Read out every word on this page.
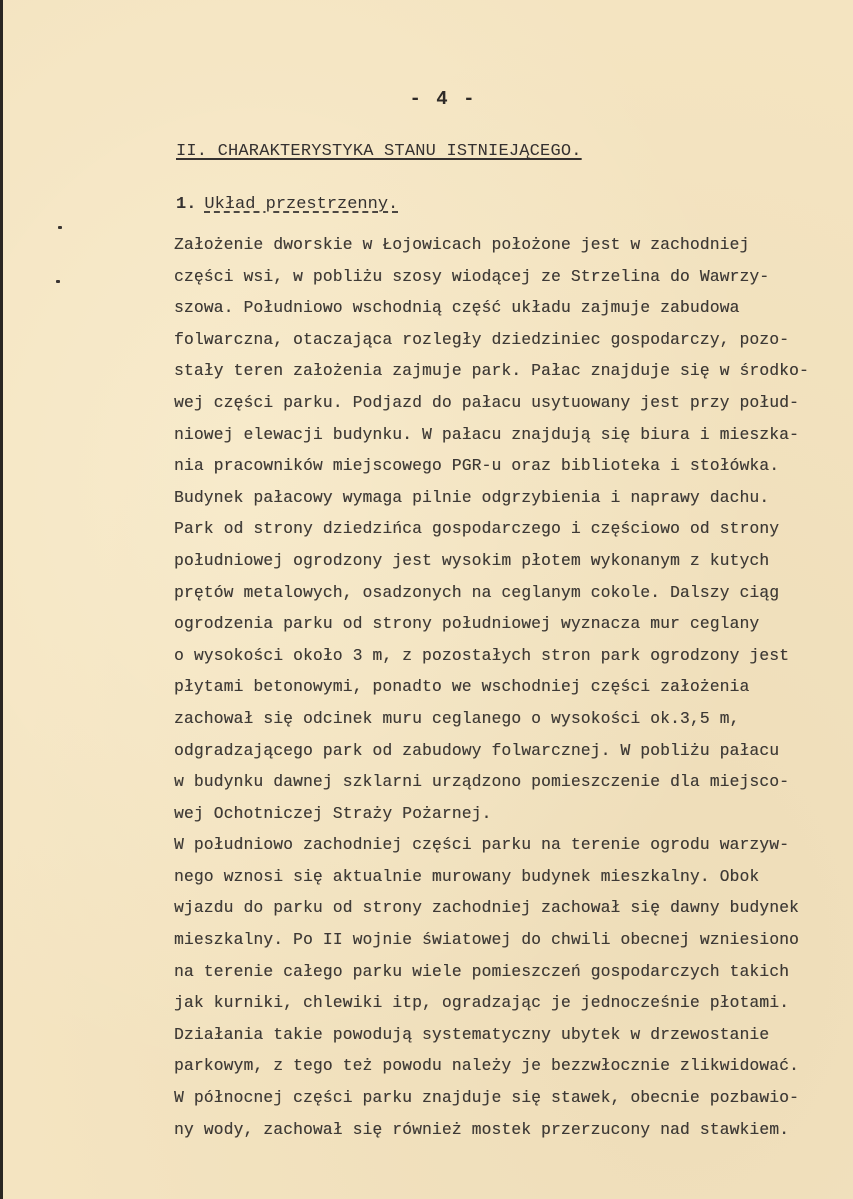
- 4 -
II. CHARAKTERYSTYKA STANU ISTNIEJĄCEGO.
1. Układ przestrzenny.
Założenie dworskie w Łojowicach położone jest w zachodniej
części wsi, w pobliżu szosy wiodącej ze Strzelina do Wawrzy-
szowa. Południowo wschodnią część układu zajmuje zabudowa
folwarczna, otaczająca rozległy dziedziniec gospodarczy, pozo-
stały teren założenia zajmuje park. Pałac znajduje się w środko-
wej części parku. Podjazd do pałacu usytuowany jest przy połud-
niowej elewacji budynku. W pałacu znajdują się biura i mieszka-
nia pracowników miejscowego PGR-u oraz biblioteka i stołówka.
Budynek pałacowy wymaga pilnie odgrzybienia i naprawy dachu.
Park od strony dziedzińca gospodarczego i częściowo od strony
południowej ogrodzony jest wysokim płotem wykonanym z kutych
prętów metalowych, osadzonych na ceglanym cokole. Dalszy ciąg
ogrodzenia parku od strony południowej wyznacza mur ceglany
o wysokości około 3 m, z pozostałych stron park ogrodzony jest
płytami betonowymi, ponadto we wschodniej części założenia
zachował się odcinek muru ceglanego o wysokości ok.3,5 m,
odgradzającego park od zabudowy folwarcznej. W pobliżu pałacu
w budynku dawnej szklarni urządzono pomieszczenie dla miejsco-
wej Ochotniczej Straży Pożarnej.
W południowo zachodniej części parku na terenie ogrodu warzyw-
nego wznosi się aktualnie murowany budynek mieszkalny. Obok
wjazdu do parku od strony zachodniej zachował się dawny budynek
mieszkalny. Po II wojnie światowej do chwili obecnej wzniesiono
na terenie całego parku wiele pomieszczeń gospodarczych takich
jak kurniki, chlewiki itp, ogradzając je jednocześnie płotami.
Działania takie powodują systematyczny ubytek w drzewostanie
parkowym, z tego też powodu należy je bezzwłocznie zlikwidować.
W północnej części parku znajduje się stawek, obecnie pozbawio-
ny wody, zachował się również mostek przerzucony nad stawkiem.
